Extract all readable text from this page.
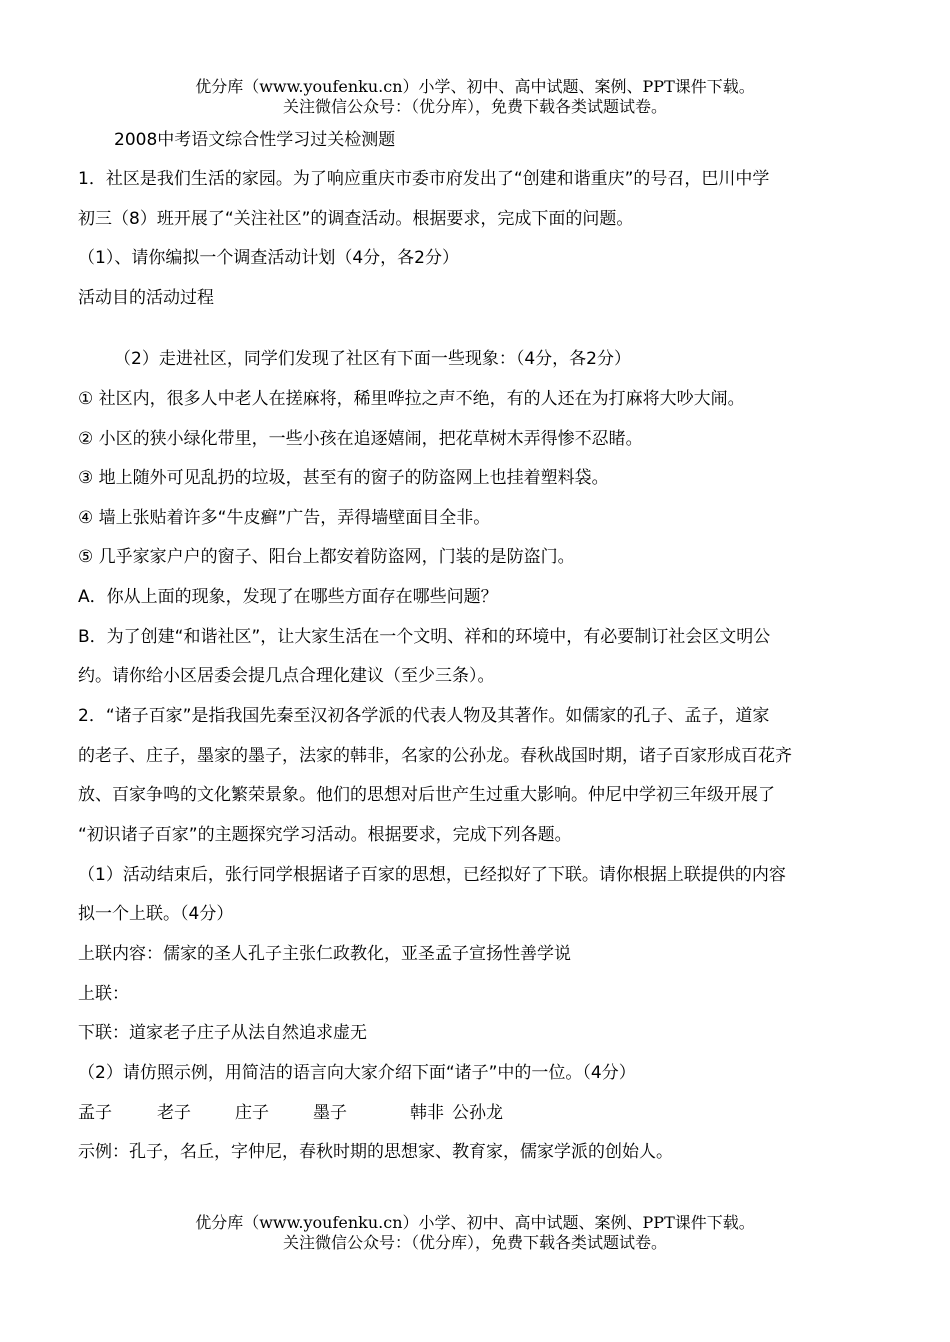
优分库（www.youfenku.cn）小学、初中、高中试题、案例、PPT课件下载。
关注微信公众号：（优分库），免费下载各类试题试卷。
2008中考语文综合性学习过关检测题
1．社区是我们生活的家园。为了响应重庆市委市府发出了“创建和谐重庆”的号召，巴川中学
初三（8）班开展了“关注社区”的调查活动。根据要求，完成下面的问题。
（1）、请你编拟一个调查活动计划（4分，各2分）
活动目的活动过程
（2）走进社区，同学们发现了社区有下面一些现象：（4分，各2分）
① 社区内，很多人中老人在搓麻将，稀里哗拉之声不绝，有的人还在为打麻将大吵大闹。
② 小区的狭小绿化带里，一些小孩在追逐嬉闹，把花草树木弄得惨不忍睹。
③ 地上随外可见乱扔的垃圾，甚至有的窗子的防盗网上也挂着塑料袋。
④ 墙上张贴着许多“牛皮癣”广告，弄得墙壁面目全非。
⑤ 几乎家家户户的窗子、阳台上都安着防盗网，门装的是防盗门。
A．你从上面的现象，发现了在哪些方面存在哪些问题？
B．为了创建“和谐社区”，让大家生活在一个文明、祥和的环境中，有必要制订社会区文明公
约。请你给小区居委会提几点合理化建议（至少三条）。
2．“诸子百家”是指我国先秦至汉初各学派的代表人物及其著作。如儒家的孔子、孟子，道家
的老子、庄子，墨家的墨子，法家的韩非，名家的公孙龙。春秋战国时期，诸子百家形成百花齐
放、百家争鸣的文化繁荣景象。他们的思想对后世产生过重大影响。仲尼中学初三年级开展了
“初识诸子百家”的主题探究学习活动。根据要求，完成下列各题。
（1）活动结束后，张行同学根据诸子百家的思想，已经拟好了下联。请你根据上联提供的内容
拟一个上联。（4分）
上联内容：儒家的圣人孔子主张仁政教化，亚圣孟子宣扬性善学说
上联：
下联：道家老子庄子从法自然追求虚无
（2）请仿照示例，用简洁的语言向大家介绍下面“诸子”中的一位。（4分）
孟子	老子	庄子	墨子	韩非 公孙龙
示例：孔子，名丘，字仲尼，春秋时期的思想家、教育家，儒家学派的创始人。
优分库（www.youfenku.cn）小学、初中、高中试题、案例、PPT课件下载。
关注微信公众号：（优分库），免费下载各类试题试卷。
